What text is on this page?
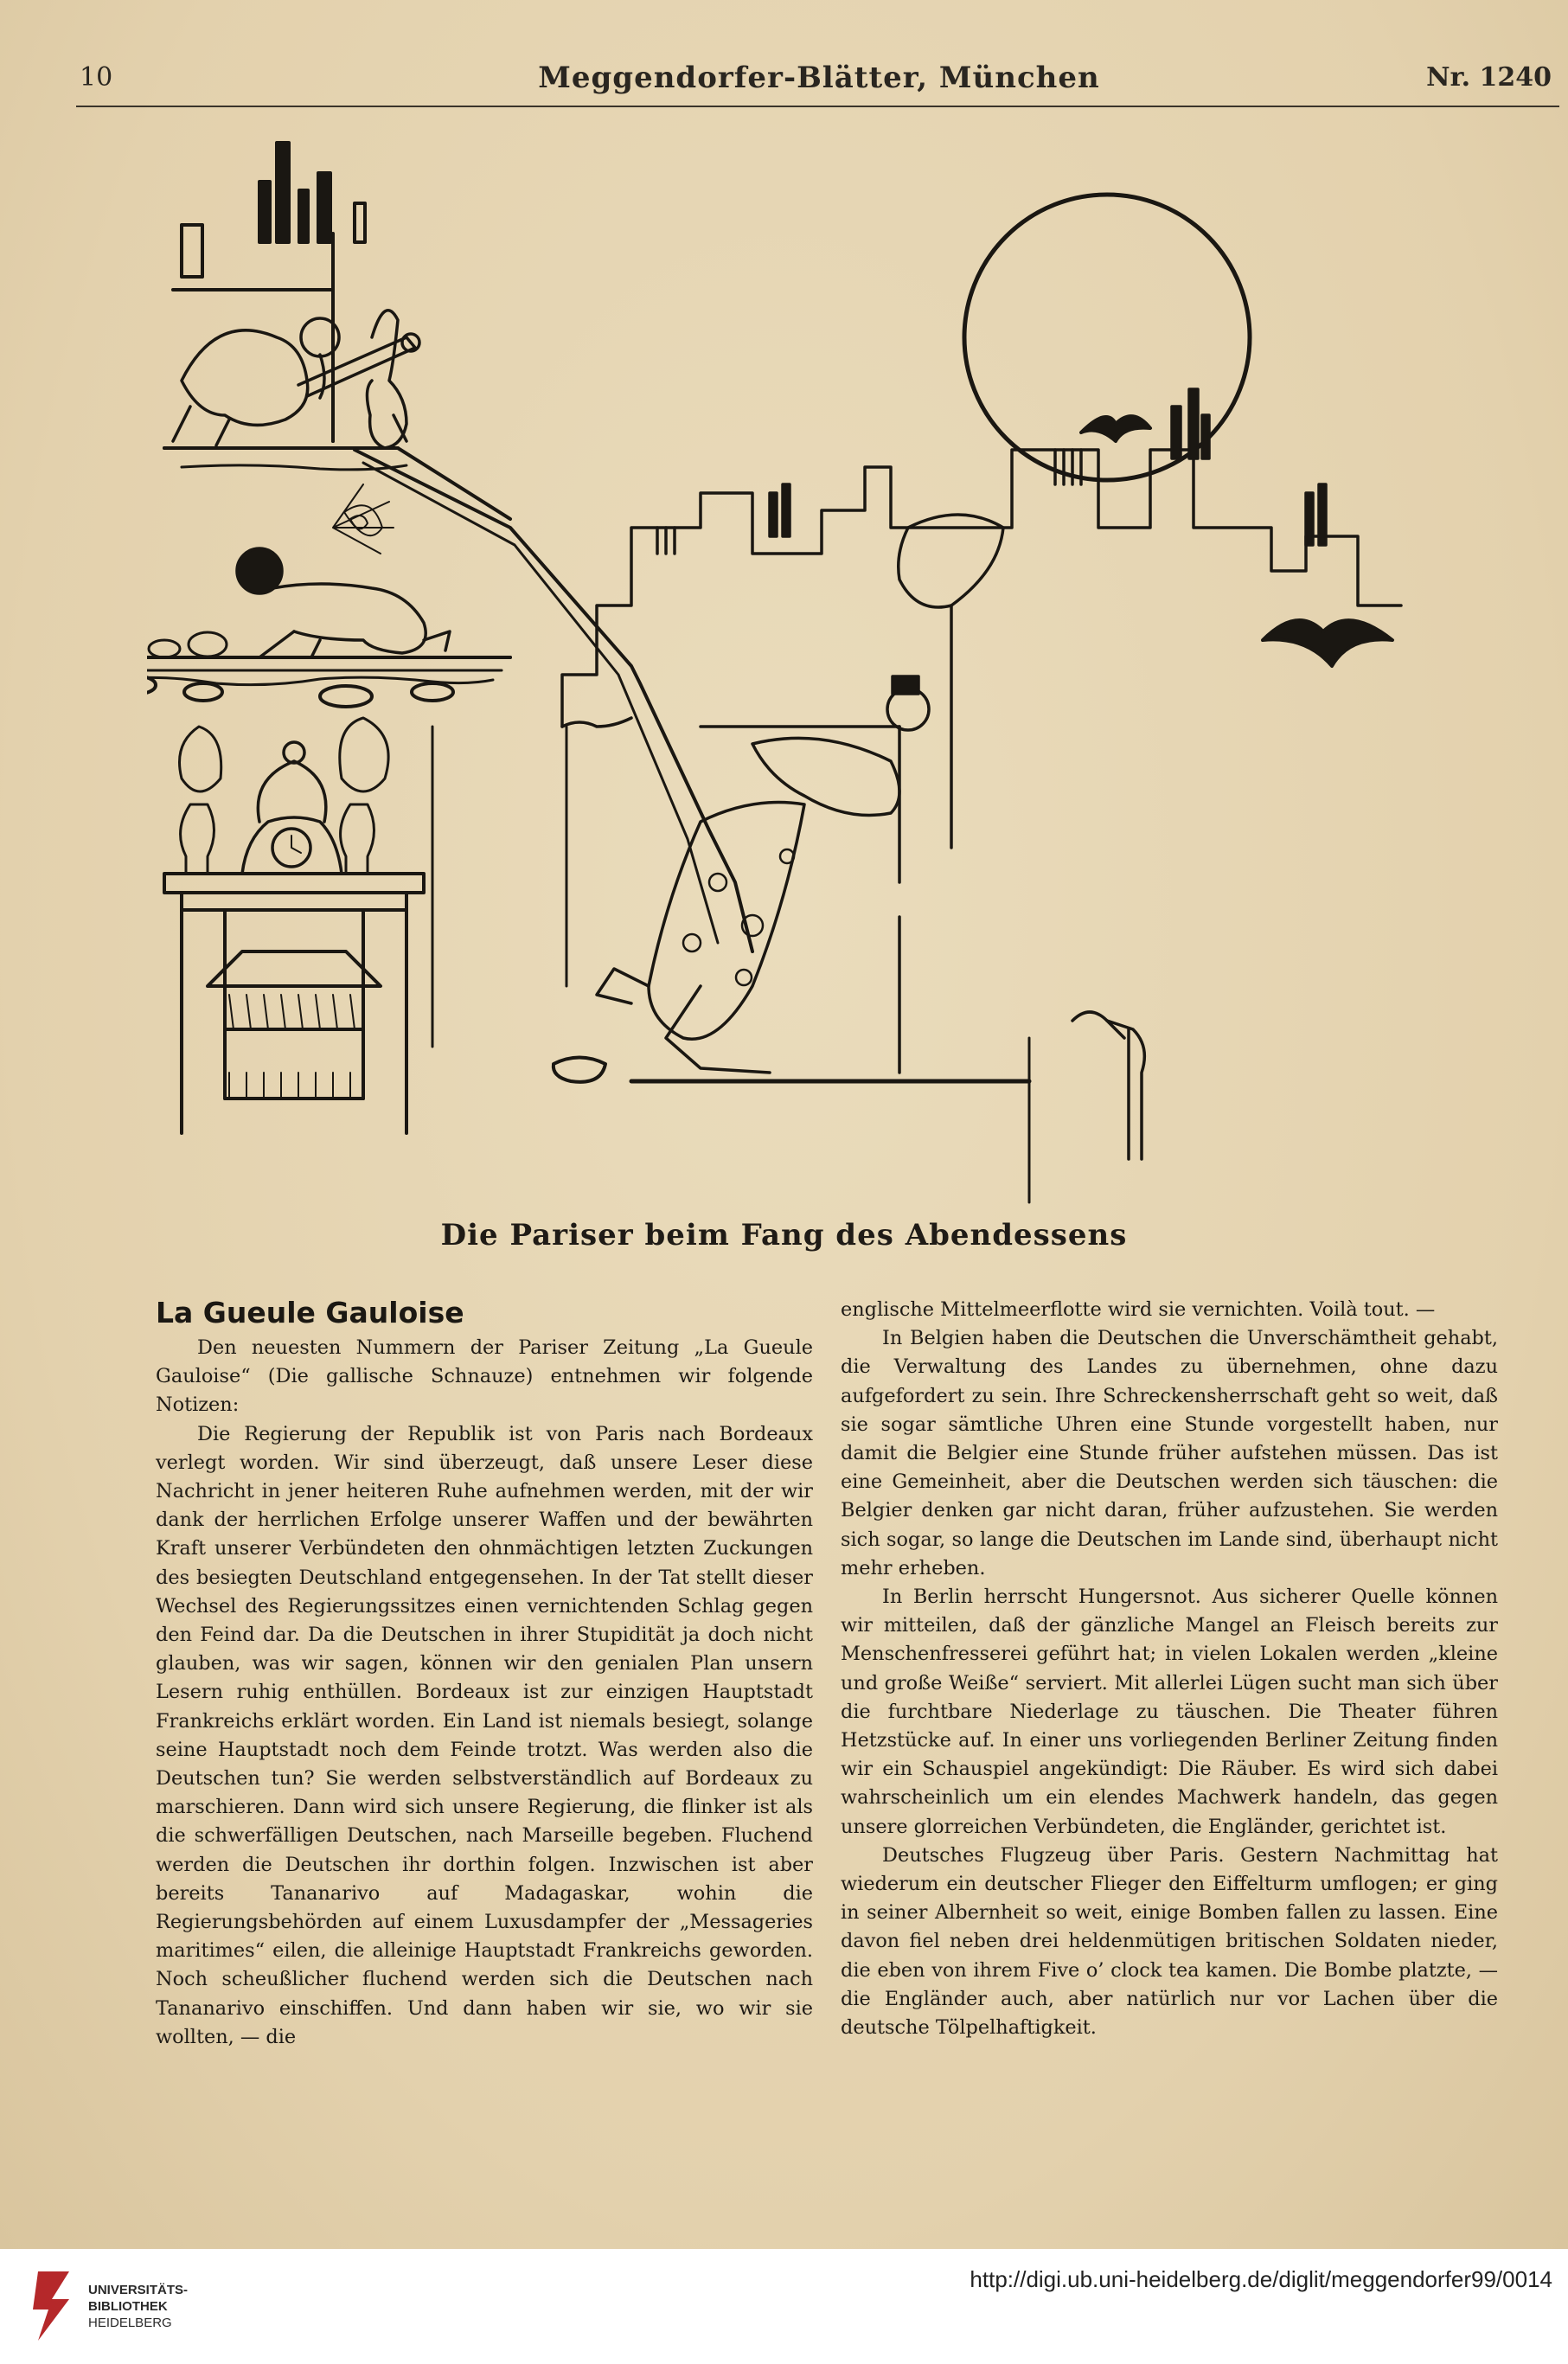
10	Meggendorfer-Blätter, München	Nr. 1240
Die Pariser beim Fang des Abendessens
La Gueule Gauloise

Den neuesten Nummern der Pariser Zeitung „La Gueule Gauloise“ (Die gallische Schnauze) entnehmen wir folgende Notizen:

Die Regierung der Republik ist von Paris nach Bordeaux verlegt worden. Wir sind überzeugt, daß unsere Leser diese Nachricht in jener heiteren Ruhe aufnehmen werden, mit der wir dank der herrlichen Erfolge unserer Waffen und der bewährten Kraft unserer Verbündeten den ohnmächtigen letzten Zuckungen des besiegten Deutschland entgegensehen. In der Tat stellt dieser Wechsel des Regierungssitzes einen vernichtenden Schlag gegen den Feind dar. Da die Deutschen in ihrer Stupidität ja doch nicht glauben, was wir sagen, können wir den genialen Plan unsern Lesern ruhig enthüllen. Bordeaux ist zur einzigen Hauptstadt Frankreichs erklärt worden. Ein Land ist niemals besiegt, solange seine Hauptstadt noch dem Feinde trotzt. Was werden also die Deutschen tun? Sie werden selbstverständlich auf Bordeaux zu marschieren. Dann wird sich unsere Regierung, die flinker ist als die schwerfälligen Deutschen, nach Marseille begeben. Fluchend werden die Deutschen ihr dorthin folgen. Inzwischen ist aber bereits Tananarivo auf Madagaskar, wohin die Regierungsbehörden auf einem Luxusdampfer der „Messageries maritimes“ eilen, die alleinige Hauptstadt Frankreichs geworden. Noch scheußlicher fluchend werden sich die Deutschen nach Tananarivo einschiffen. Und dann haben wir sie, wo wir sie wollten, — die

englische Mittelmeerflotte wird sie vernichten. Voilà tout. —

In Belgien haben die Deutschen die Unverschämtheit gehabt, die Verwaltung des Landes zu übernehmen, ohne dazu aufgefordert zu sein. Ihre Schreckensherrschaft geht so weit, daß sie sogar sämtliche Uhren eine Stunde vorgestellt haben, nur damit die Belgier eine Stunde früher aufstehen müssen. Das ist eine Gemeinheit, aber die Deutschen werden sich täuschen: die Belgier denken gar nicht daran, früher aufzustehen. Sie werden sich sogar, so lange die Deutschen im Lande sind, überhaupt nicht mehr erheben.

In Berlin herrscht Hungersnot. Aus sicherer Quelle können wir mitteilen, daß der gänzliche Mangel an Fleisch bereits zur Menschenfresserei geführt hat; in vielen Lokalen werden „kleine und große Weiße“ serviert. Mit allerlei Lügen sucht man sich über die furchtbare Niederlage zu täuschen. Die Theater führen Hetzstücke auf. In einer uns vorliegenden Berliner Zeitung finden wir ein Schauspiel angekündigt: Die Räuber. Es wird sich dabei wahrscheinlich um ein elendes Machwerk handeln, das gegen unsere glorreichen Verbündeten, die Engländer, gerichtet ist.

Deutsches Flugzeug über Paris. Gestern Nachmittag hat wiederum ein deutscher Flieger den Eiffelturm umflogen; er ging in seiner Albernheit so weit, einige Bomben fallen zu lassen. Eine davon fiel neben drei heldenmütigen britischen Soldaten nieder, die eben von ihrem Five o’ clock tea kamen. Die Bombe platzte, — die Engländer auch, aber natürlich nur vor Lachen über die deutsche Tölpelhaftigkeit.

UNIVERSITÄTS-
BIBLIOTHEK
HEIDELBERG
http://digi.ub.uni-heidelberg.de/diglit/meggendorfer99/0014
